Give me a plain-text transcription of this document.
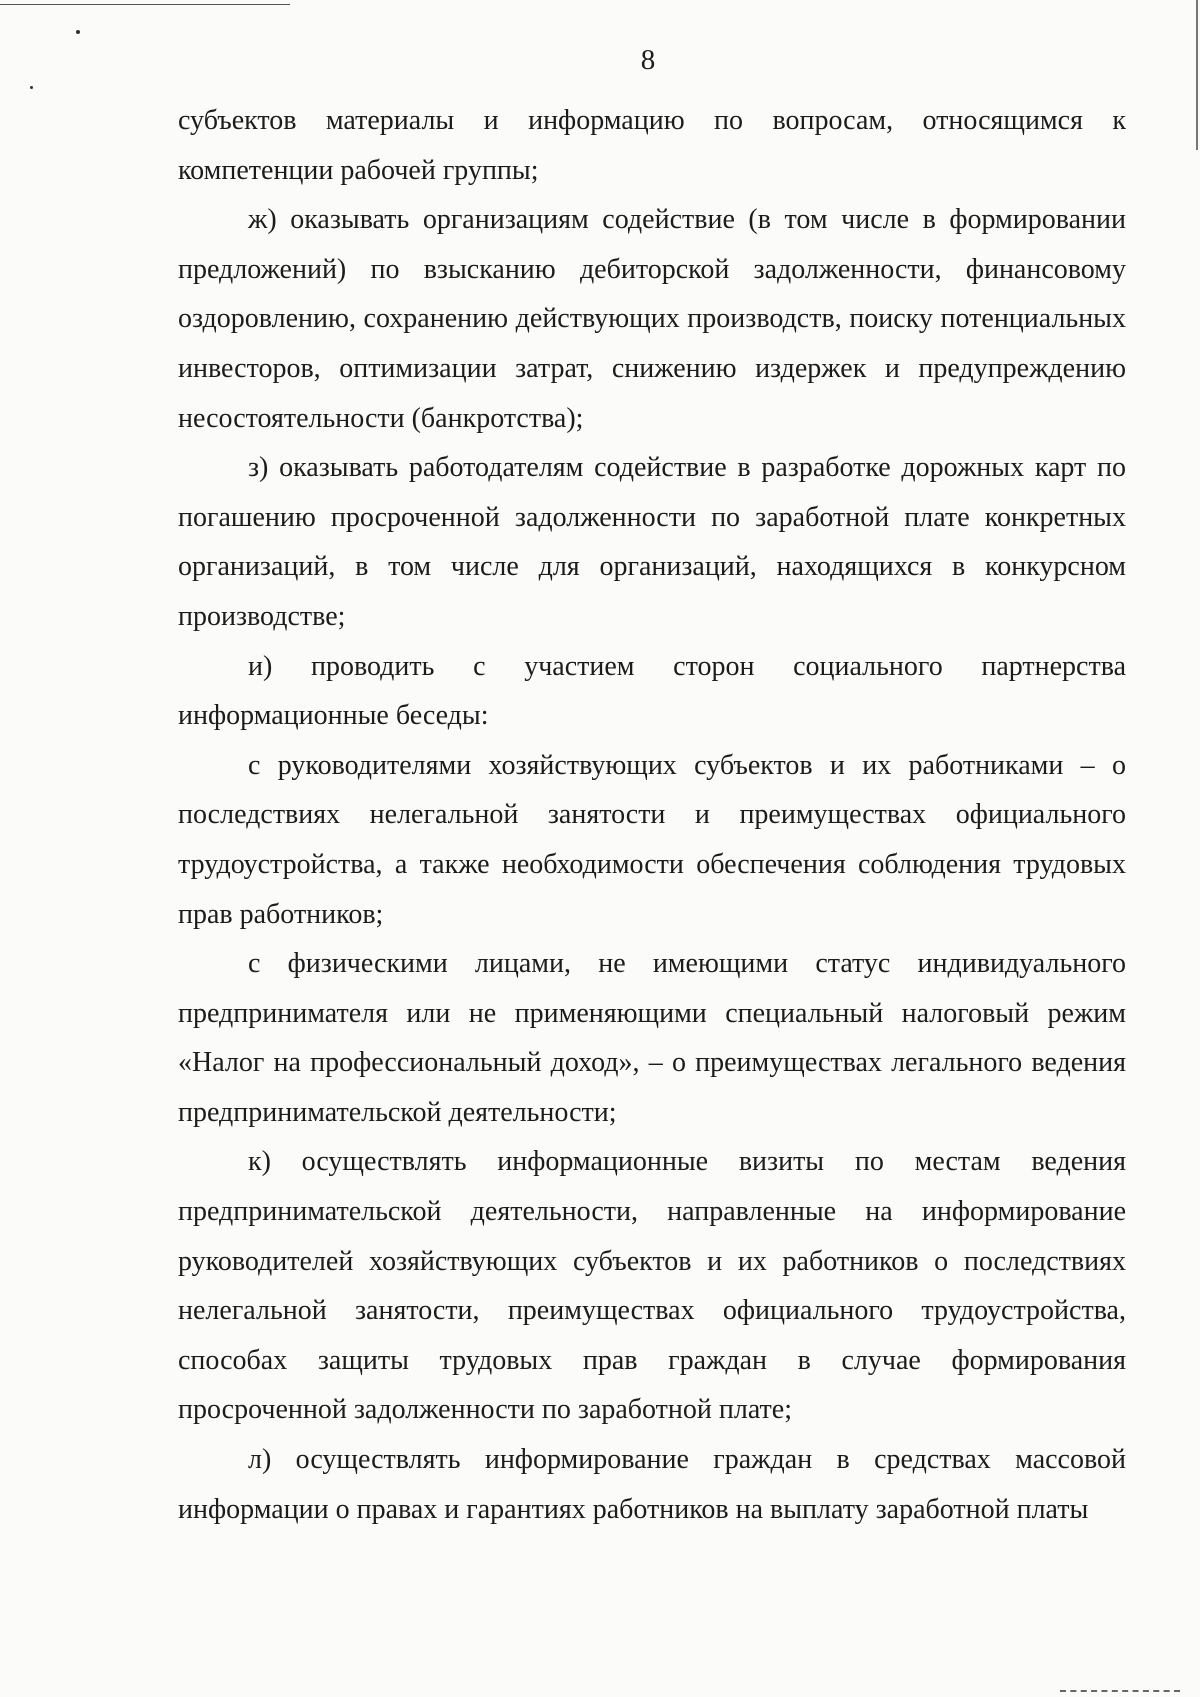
8

субъектов материалы и информацию по вопросам, относящимся к компетенции рабочей группы;

ж) оказывать организациям содействие (в том числе в формировании предложений) по взысканию дебиторской задолженности, финансовому оздоровлению, сохранению действующих производств, поиску потенциальных инвесторов, оптимизации затрат, снижению издержек и предупреждению несостоятельности (банкротства);

з) оказывать работодателям содействие в разработке дорожных карт по погашению просроченной задолженности по заработной плате конкретных организаций, в том числе для организаций, находящихся в конкурсном производстве;

и) проводить с участием сторон социального партнерства информационные беседы:

с руководителями хозяйствующих субъектов и их работниками – о последствиях нелегальной занятости и преимуществах официального трудоустройства, а также необходимости обеспечения соблюдения трудовых прав работников;

с физическими лицами, не имеющими статус индивидуального предпринимателя или не применяющими специальный налоговый режим «Налог на профессиональный доход», – о преимуществах легального ведения предпринимательской деятельности;

к) осуществлять информационные визиты по местам ведения предпринимательской деятельности, направленные на информирование руководителей хозяйствующих субъектов и их работников о последствиях нелегальной занятости, преимуществах официального трудоустройства, способах защиты трудовых прав граждан в случае формирования просроченной задолженности по заработной плате;

л) осуществлять информирование граждан в средствах массовой информации о правах и гарантиях работников на выплату заработной платы
